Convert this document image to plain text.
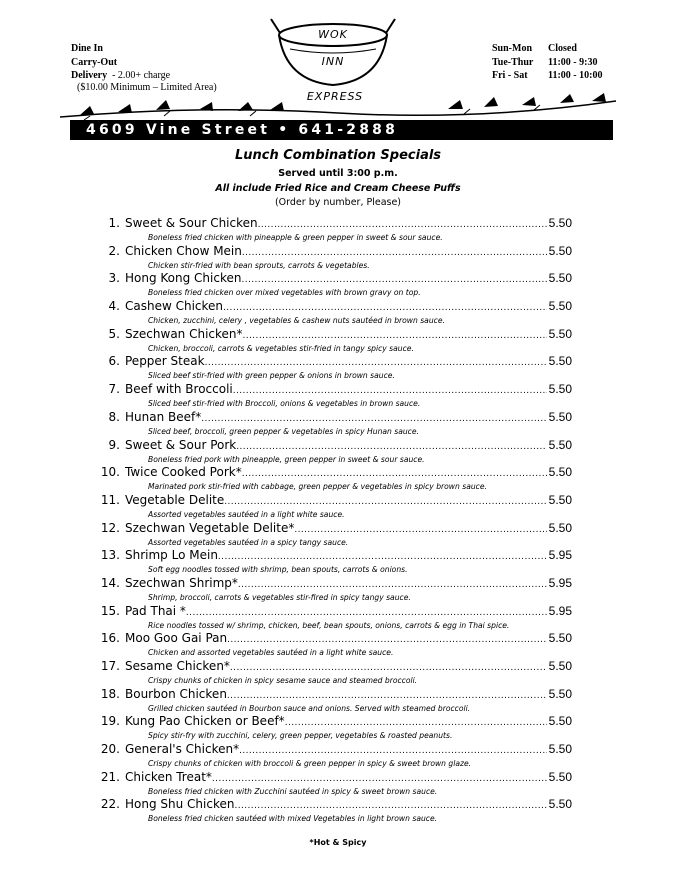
Dine In
Carry-Out
Delivery - 2.00+ charge
($10.00 Minimum – Limited Area)
Sun-Mon	Closed
Tue-Thur	11:00 - 9:30
Fri - Sat	11:00 - 10:00
WOK
INN
EXPRESS
4609 Vine Street • 641-2888
Lunch Combination Specials
Served until 3:00 p.m.
All include Fried Rice and Cream Cheese Puffs
(Order by number, Please)
1. Sweet & Sour Chicken .....	5.50
Boneless fried chicken with pineapple & green pepper in sweet & sour sauce.
2. Chicken Chow Mein .....	5.50
Chicken stir-fried with bean sprouts, carrots & vegetables.
3. Hong Kong Chicken .....	5.50
Boneless fried chicken over mixed vegetables with brown gravy on top.
4. Cashew Chicken .....	5.50
Chicken, zucchini, celery , vegetables & cashew nuts sautéed in brown sauce.
5. Szechwan Chicken* .....	5.50
Chicken, broccoli, carrots & vegetables stir-fried in tangy spicy sauce.
6. Pepper Steak .....	5.50
Sliced beef stir-fried with green pepper & onions in brown sauce.
7. Beef with Broccoli .....	5.50
Sliced beef stir-fried with Broccoli, onions & vegetables in brown sauce.
8. Hunan Beef* .....	5.50
Sliced beef, broccoli, green pepper & vegetables in spicy Hunan sauce.
9. Sweet & Sour Pork .....	5.50
Boneless fried pork with pineapple, green pepper in sweet & sour sauce.
10. Twice Cooked Pork* .....	5.50
Marinated pork stir-fried with cabbage, green pepper & vegetables in spicy brown sauce.
11. Vegetable Delite .....	5.50
Assorted vegetables sautéed in a light white sauce.
12. Szechwan Vegetable Delite* .....	5.50
Assorted vegetables sautéed in a spicy tangy sauce.
13. Shrimp Lo Mein .....	5.95
Soft egg noodles tossed with shrimp, bean spouts, carrots & onions.
14. Szechwan Shrimp* .....	5.95
Shrimp, broccoli, carrots & vegetables stir-fired in spicy tangy sauce.
15. Pad Thai * .....	5.95
Rice noodles tossed w/ shrimp, chicken, beef, bean spouts, onions, carrots & egg in Thai spice.
16. Moo Goo Gai Pan .....	5.50
Chicken and assorted vegetables sautéed in a light white sauce.
17. Sesame Chicken* .....	5.50
Crispy chunks of chicken in spicy sesame sauce and steamed broccoli.
18. Bourbon Chicken .....	5.50
Grilled chicken sautéed in Bourbon sauce and onions. Served with steamed broccoli.
19. Kung Pao Chicken or Beef* .....	5.50
Spicy stir-fry with zucchini, celery, green pepper, vegetables & roasted peanuts.
20. General's Chicken* .....	5.50
Crispy chunks of chicken with broccoli & green pepper in spicy & sweet brown glaze.
21. Chicken Treat* .....	5.50
Boneless fried chicken with Zucchini sautéed in spicy & sweet brown sauce.
22. Hong Shu Chicken .....	5.50
Boneless fried chicken sautéed with mixed Vegetables in light brown sauce.
*Hot & Spicy
